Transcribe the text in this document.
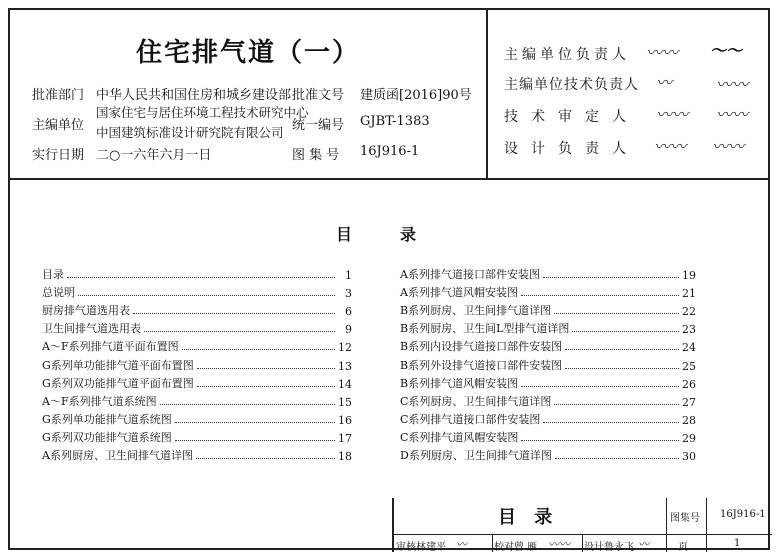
住宅排气道（一）
批准部门 中华人民共和国住房和城乡建设部 批准文号 建质函[2016]90号
主编单位
国家住宅与居住环境工程技术研究中心
中国建筑标准设计研究院有限公司 统一编号 GJBT-1383
实行日期 二○一六年六月一日	图 集 号 16J916-1
主编单位负责人 〰〰 〜〜
主编单位技术负责人 〰	〰〰
技术审定人 〰〰 〰〰
设计负责人 〰〰 〰〰
目	录
目录	1
总说明	3
厨房排气道选用表	6
卫生间排气道选用表	9
A～F系列排气道平面布置图	12
G系列单功能排气道平面布置图	13
G系列双功能排气道平面布置图	14
A～F系列排气道系统图	15
G系列单功能排气道系统图	16
G系列双功能排气道系统图	17
A系列厨房、卫生间排气道详图	18
A系列排气道接口部件安装图	19
A系列排气道风帽安装图	21
B系列厨房、卫生间排气道详图	22
B系列厨房、卫生间L型排气道详图	23
B系列内设排气道接口部件安装图	24
B系列外设排气道接口部件安装图	25
B系列排气道风帽安装图	26
C系列厨房、卫生间排气道详图	27
C系列排气道接口部件安装图	28
C系列排气道风帽安装图	29
D系列厨房、卫生间排气道详图	30
目 录	图集号 16J916-1
审核 林建平 〰	校对 曾 雁 〰〰 设计 鲁永飞 〰	页	1
